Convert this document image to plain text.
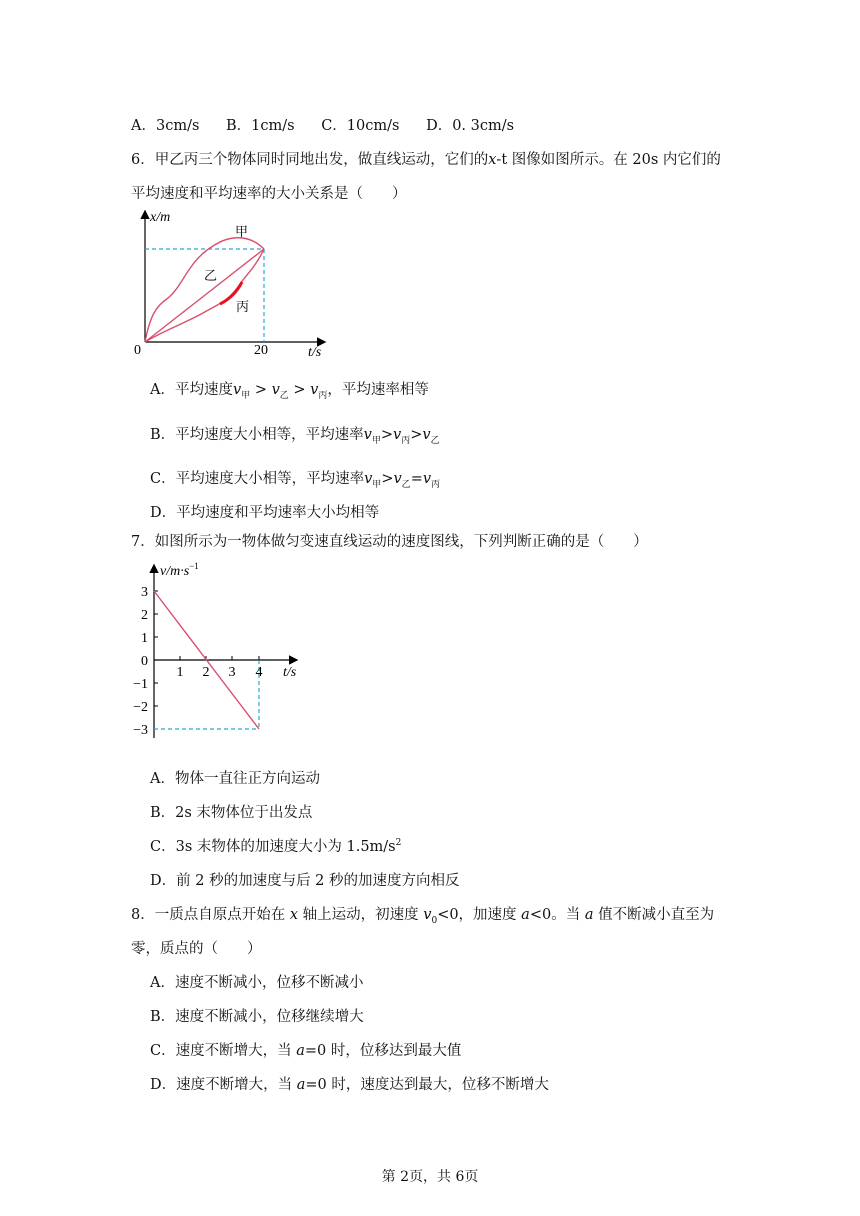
A．3cm/s B．1cm/s C．10cm/s D．0. 3cm/s
6．甲乙丙三个物体同时同地出发，做直线运动，它们的x-t 图像如图所示。在 20s 内它们的
平均速度和平均速率的大小关系是（　　）
x/m
甲
乙
丙
0	20	t/s
A．平均速度$v_甲 > v_乙 > v_丙$，平均速率相等
B．平均速度大小相等，平均速率$v_甲>v_丙>v_乙$
C．平均速度大小相等，平均速率$v_甲>v_乙=v_丙$
D．平均速度和平均速率大小均相等
7．如图所示为一物体做匀变速直线运动的速度图线，下列判断正确的是（　　）
$v/m\cdot s^{-1}$
3
2
1
0
−1
−2
−3
1 2 3 4 t/s
A．物体一直往正方向运动
B．2s 末物体位于出发点
C．3s 末物体的加速度大小为 $1.5m/s^2$
D．前 2 秒的加速度与后 2 秒的加速度方向相反
8．一质点自原点开始在 x 轴上运动，初速度 $v_0<0$，加速度 a<0。当 a 值不断减小直至为
零，质点的（　　）
A．速度不断减小，位移不断减小
B．速度不断减小，位移继续增大
C．速度不断增大，当 a=0 时，位移达到最大值
D．速度不断增大，当 a=0 时，速度达到最大，位移不断增大
第 2页，共 6页
